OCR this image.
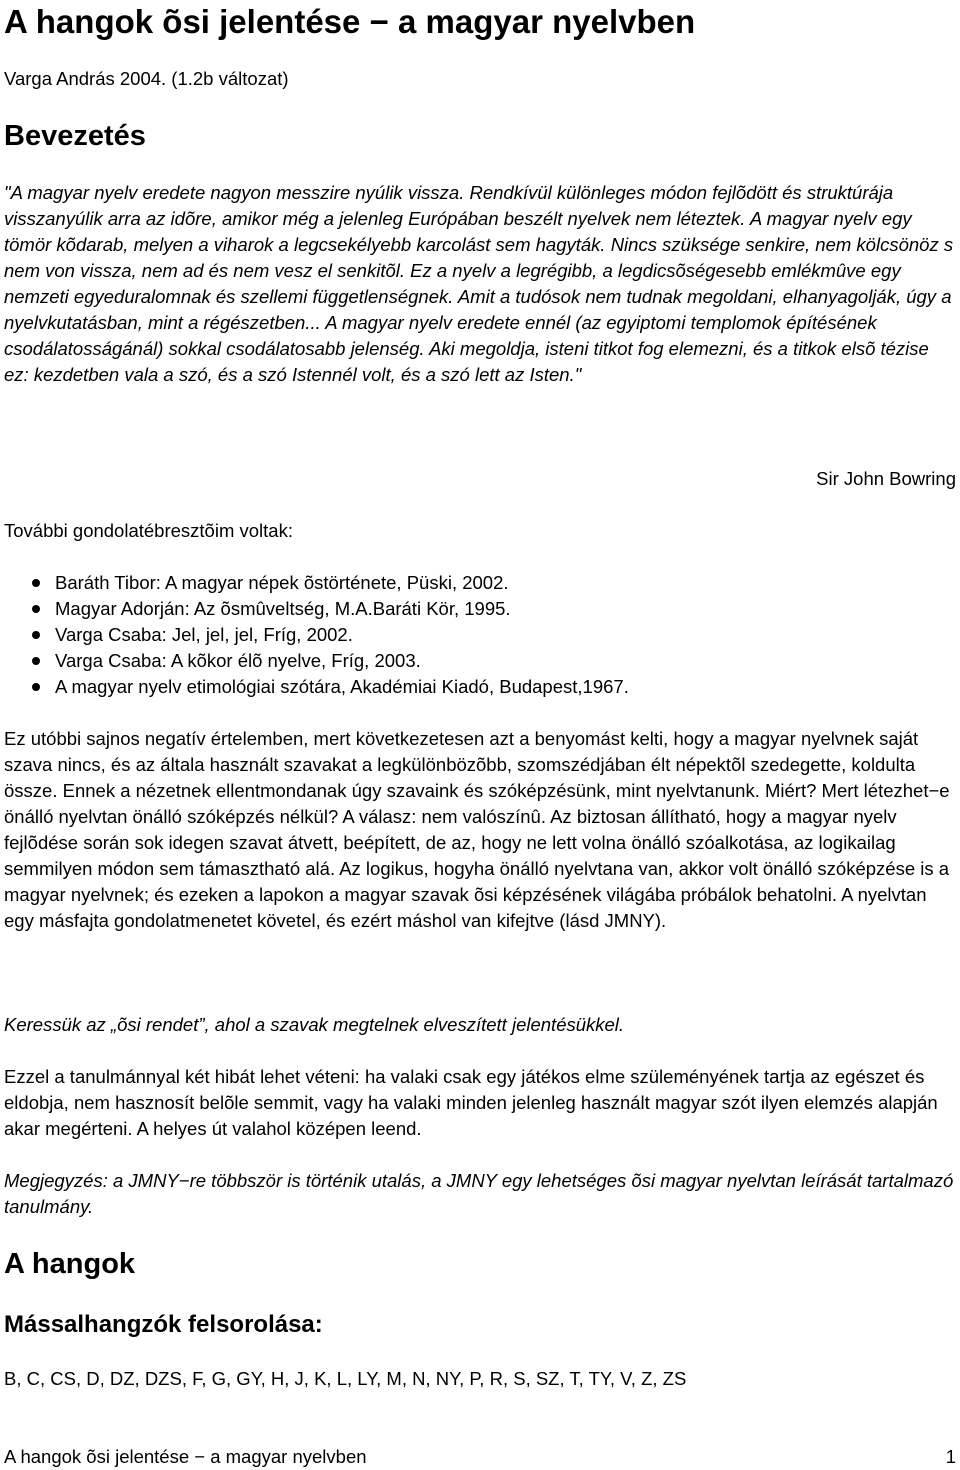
A hangok õsi jelentése − a magyar nyelvben

Varga András 2004. (1.2b változat)

Bevezetés

"A magyar nyelv eredete nagyon messzire nyúlik vissza. Rendkívül különleges módon fejlõdött és struktúrája visszanyúlik arra az idõre, amikor még a jelenleg Európában beszélt nyelvek nem léteztek. A magyar nyelv egy tömör kõdarab, melyen a viharok a legcsekélyebb karcolást sem hagyták. Nincs szüksége senkire, nem kölcsönöz s nem von vissza, nem ad és nem vesz el senkitõl. Ez a nyelv a legrégibb, a legdicsõségesebb emlékmûve egy nemzeti egyeduralomnak és szellemi függetlenségnek. Amit a tudósok nem tudnak megoldani, elhanyagolják, úgy a nyelvkutatásban, mint a régészetben... A magyar nyelv eredete ennél (az egyiptomi templomok építésének csodálatosságánál) sokkal csodálatosabb jelenség. Aki megoldja, isteni titkot fog elemezni, és a titkok elsõ tézise ez: kezdetben vala a szó, és a szó Istennél volt, és a szó lett az Isten."

Sir John Bowring

További gondolatébresztõim voltak:

Baráth Tibor: A magyar népek õstörténete, Püski, 2002.
Magyar Adorján: Az õsmûveltség, M.A.Baráti Kör, 1995.
Varga Csaba: Jel, jel, jel, Fríg, 2002.
Varga Csaba: A kõkor élõ nyelve, Fríg, 2003.
A magyar nyelv etimológiai szótára, Akadémiai Kiadó, Budapest,1967.

Ez utóbbi sajnos negatív értelemben, mert következetesen azt a benyomást kelti, hogy a magyar nyelvnek saját szava nincs, és az általa használt szavakat a legkülönbözõbb, szomszédjában élt népektõl szedegette, koldulta össze. Ennek a nézetnek ellentmondanak úgy szavaink és szóképzésünk, mint nyelvtanunk. Miért? Mert létezhet−e önálló nyelvtan önálló szóképzés nélkül? A válasz: nem valószínû. Az biztosan állítható, hogy a magyar nyelv fejlõdése során sok idegen szavat átvett, beépített, de az, hogy ne lett volna önálló szóalkotása, az logikailag semmilyen módon sem támasztható alá. Az logikus, hogyha önálló nyelvtana van, akkor volt önálló szóképzése is a magyar nyelvnek; és ezeken a lapokon a magyar szavak õsi képzésének világába próbálok behatolni. A nyelvtan egy másfajta gondolatmenetet követel, és ezért máshol van kifejtve (lásd JMNY).

Keressük az „õsi rendet”, ahol a szavak megtelnek elveszített jelentésükkel.

Ezzel a tanulmánnyal két hibát lehet véteni: ha valaki csak egy játékos elme szüleményének tartja az egészet és eldobja, nem hasznosít belõle semmit, vagy ha valaki minden jelenleg használt magyar szót ilyen elemzés alapján akar megérteni. A helyes út valahol középen leend.

Megjegyzés: a JMNY−re többször is történik utalás, a JMNY egy lehetséges õsi magyar nyelvtan leírását tartalmazó tanulmány.

A hangok
Mássalhangzók felsorolása:

B, C, CS, D, DZ, DZS, F, G, GY, H, J, K, L, LY, M, N, NY, P, R, S, SZ, T, TY, V, Z, ZS

A hangok õsi jelentése − a magyar nyelvben	1
